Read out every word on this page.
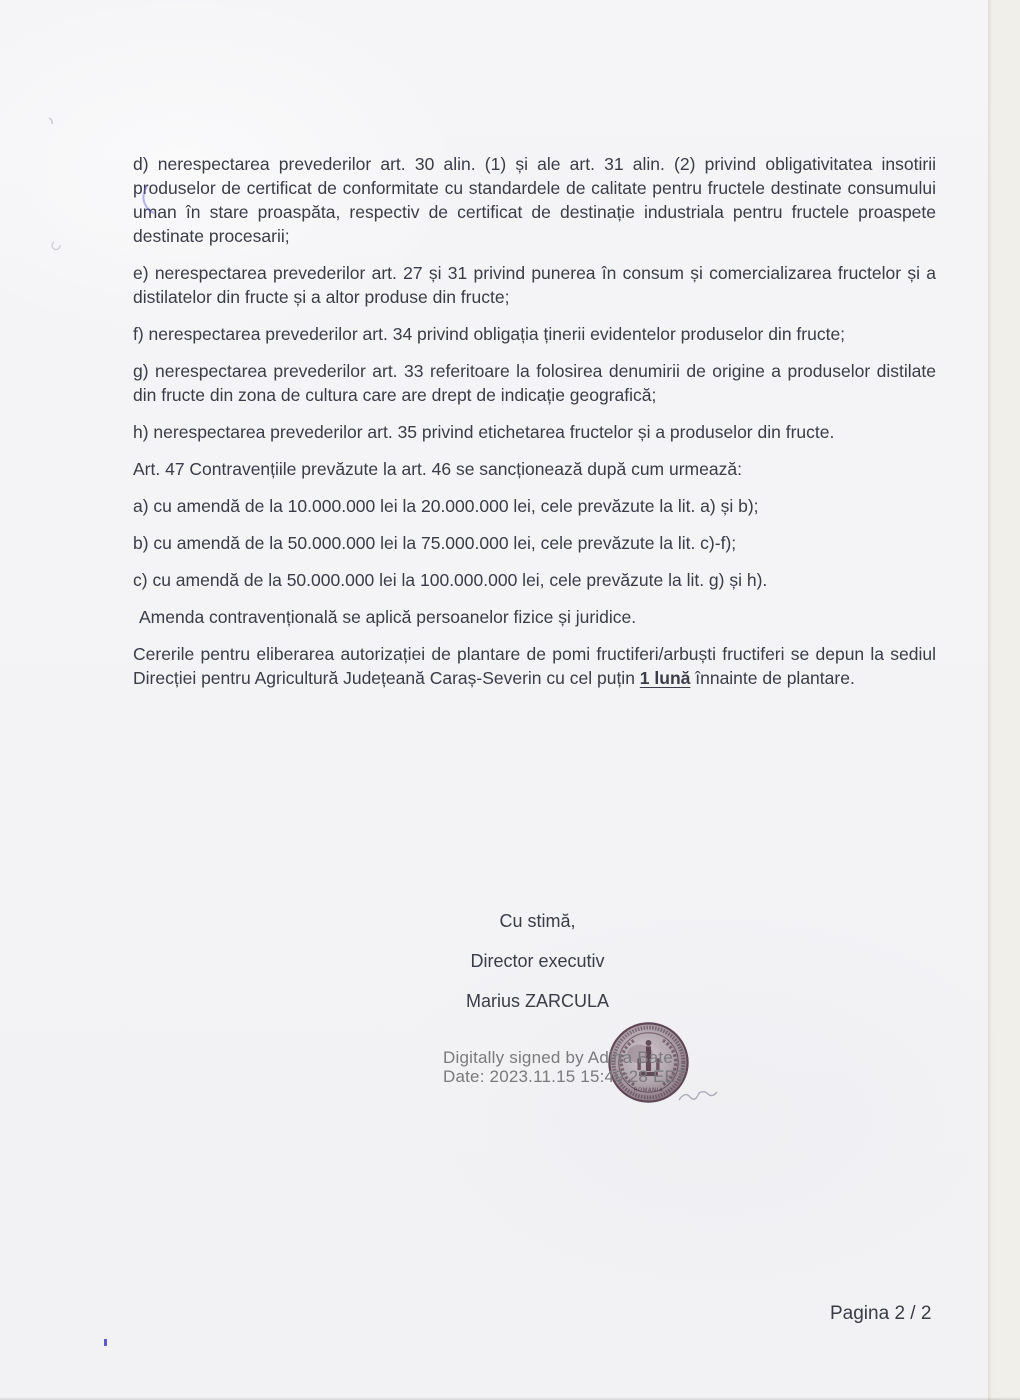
d) nerespectarea prevederilor art. 30 alin. (1) și ale art. 31 alin. (2) privind obligativitatea insotirii produselor de certificat de conformitate cu standardele de calitate pentru fructele destinate consumului uman în stare proaspăta, respectiv de certificat de destinație industriala pentru fructele proaspete destinate procesarii;

e) nerespectarea prevederilor art. 27 și 31 privind punerea în consum și comercializarea fructelor și a distilatelor din fructe și a altor produse din fructe;

f) nerespectarea prevederilor art. 34 privind obligația ținerii evidentelor produselor din fructe;

g) nerespectarea prevederilor art. 33 referitoare la folosirea denumirii de origine a produselor distilate din fructe din zona de cultura care are drept de indicație geografică;

h) nerespectarea prevederilor art. 35 privind etichetarea fructelor și a produselor din fructe.

Art. 47 Contravențiile prevăzute la art. 46 se sancționează după cum urmează:

a) cu amendă de la 10.000.000 lei la 20.000.000 lei, cele prevăzute la lit. a) și b);

b) cu amendă de la 50.000.000 lei la 75.000.000 lei, cele prevăzute la lit. c)-f);

c) cu amendă de la 50.000.000 lei la 100.000.000 lei, cele prevăzute la lit. g) și h).

Amenda contravențională se aplică persoanelor fizice și juridice.

Cererile pentru eliberarea autorizației de plantare de pomi fructiferi/arbuști fructiferi se depun la sediul Direcției pentru Agricultură Județeană Caraș-Severin cu cel puțin 1 lună înnainte de plantare.

Cu stimă,
Director executiv
Marius ZARCULA
ROMANIA
Digitally signed by Adina Bate
Date: 2023.11.15 15:49:28 EET
Pagina 2 / 2
